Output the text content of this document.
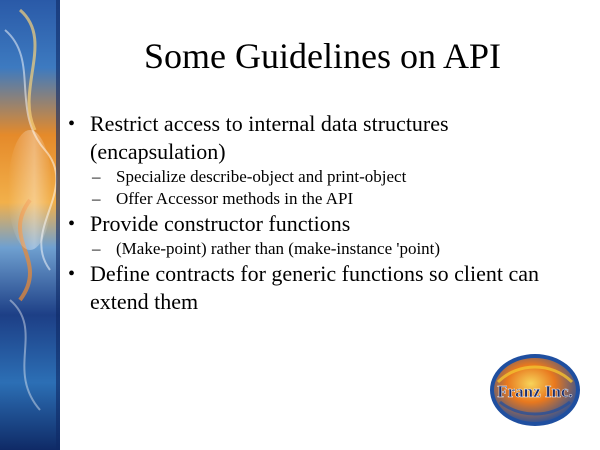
Some Guidelines on API
• Restrict access to internal data structures (encapsulation)
– Specialize describe-object and print-object
– Offer Accessor methods in the API
• Provide constructor functions
– (Make-point) rather than (make-instance 'point)
• Define contracts for generic functions so client can extend them
Franz Inc.
